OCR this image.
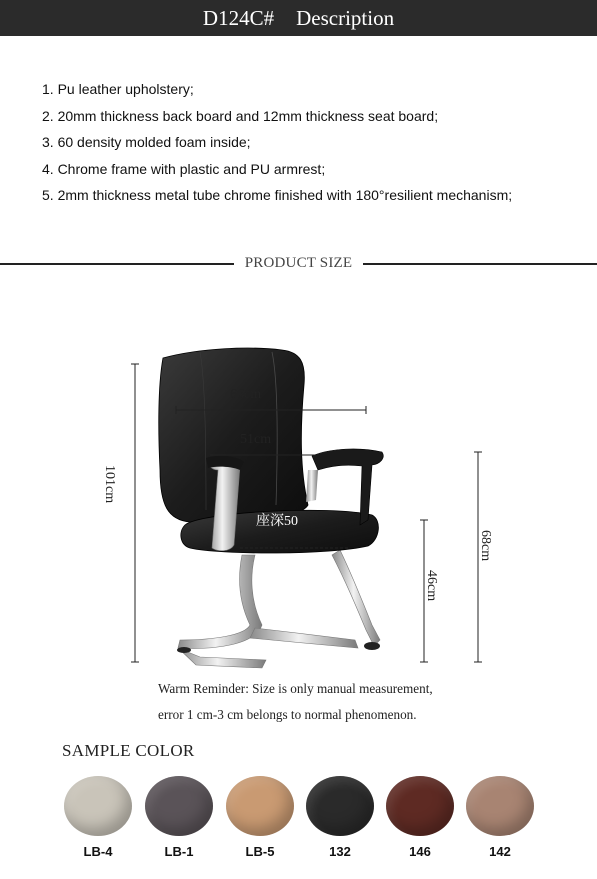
D124C# Description
1. Pu leather upholstery;
2. 20mm thickness back board and 12mm thickness seat board;
3. 60 density molded foam inside;
4. Chrome frame with plastic and PU armrest;
5. 2mm thickness metal tube chrome finished with 180°resilient mechanism;
PRODUCT SIZE
66cm
51cm
座深50
101cm
68cm
46cm
Warm Reminder: Size is only manual measurement,
error 1 cm-3 cm belongs to normal phenomenon.
SAMPLE COLOR
LB-4	LB-1	LB-5	132	146	142
